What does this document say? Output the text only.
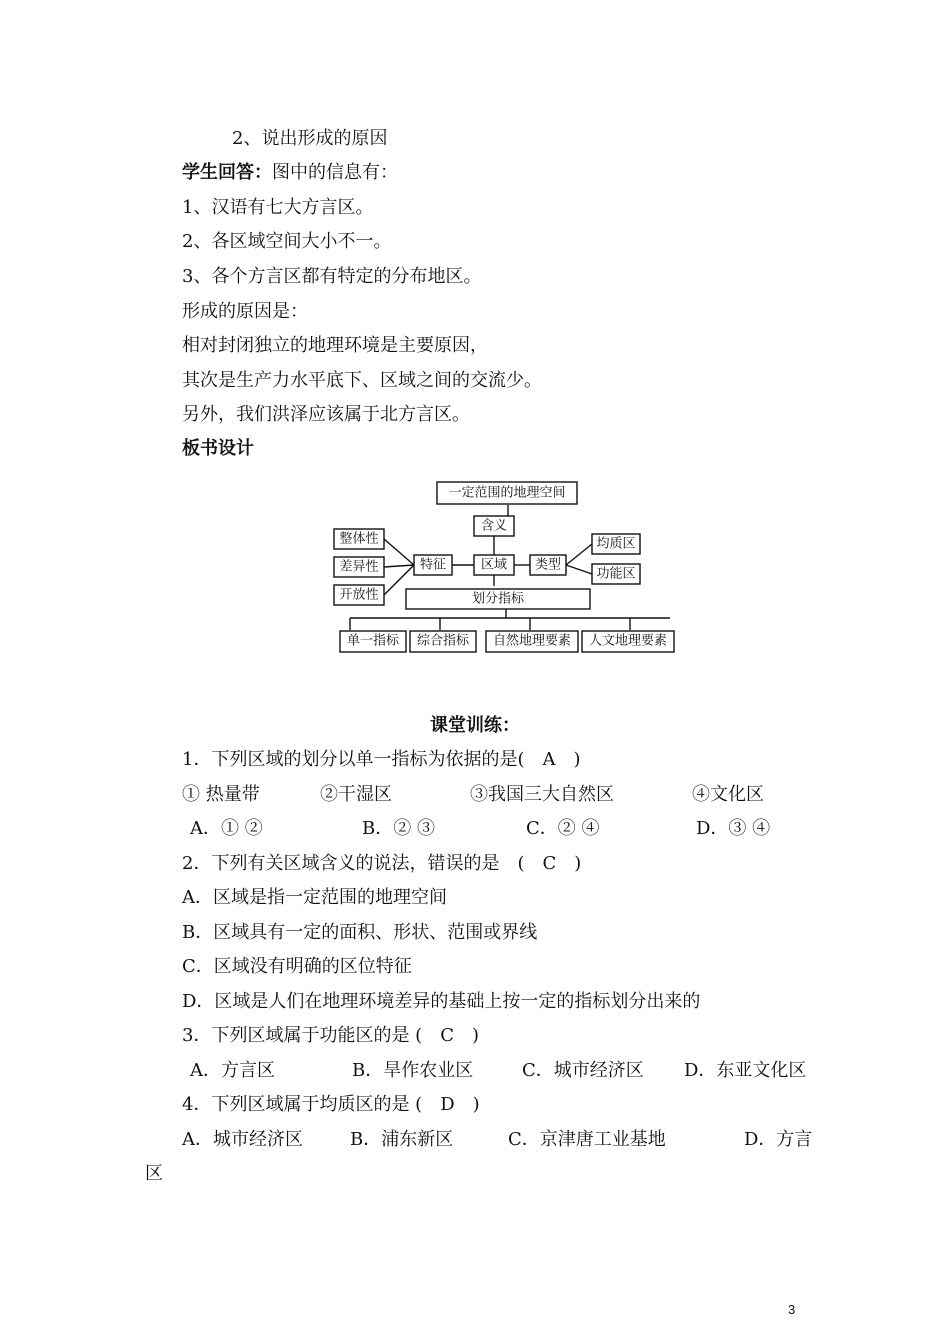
2、说出形成的原因
学生回答：图中的信息有：
1、汉语有七大方言区。
2、各区域空间大小不一。
3、各个方言区都有特定的分布地区。
形成的原因是：
相对封闭独立的地理环境是主要原因，
其次是生产力水平底下、区域之间的交流少。
另外，我们洪泽应该属于北方言区。
板书设计
一定范围的地理空间
含义
区域
特征	类型
整体性
差异性
开放性
均质区
功能区
划分指标
单一指标 综合指标 自然地理要素 人文地理要素
课堂训练：
1．下列区域的划分以单一指标为依据的是(　A　)
① 热量带	②干湿区	③我国三大自然区	④文化区
A．① ②	B．② ③	C．② ④	D．③ ④
2．下列有关区域含义的说法，错误的是　(　C　)
A．区域是指一定范围的地理空间
B．区域具有一定的面积、形状、范围或界线
C．区域没有明确的区位特征
D．区域是人们在地理环境差异的基础上按一定的指标划分出来的
3．下列区域属于功能区的是 (　C　)
A．方言区	B．旱作农业区	C．城市经济区 D．东亚文化区
4．下列区域属于均质区的是 (　D　)
A．城市经济区	B．浦东新区	C．京津唐工业基地	D．方言
区
3
